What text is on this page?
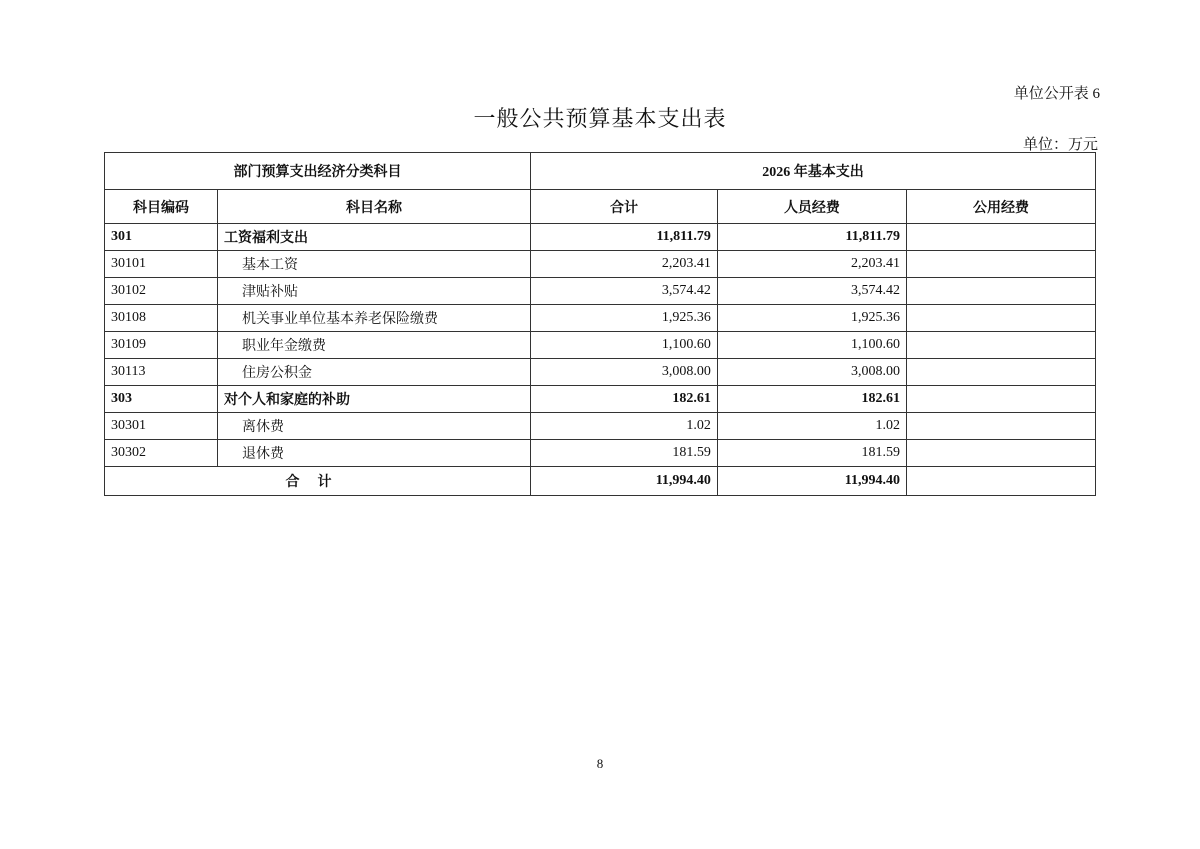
单位公开表 6
一般公共预算基本支出表
单位：万元
部门预算支出经济分类科目		2026 年基本支出		
科目编码	科目名称	合计	人员经费	公用经费
301	工资福利支出	11,811.79	11,811.79	
30101	基本工资	2,203.41	2,203.41	
30102	津贴补贴	3,574.42	3,574.42	
30108	机关事业单位基本养老保险缴费	1,925.36	1,925.36	
30109	职业年金缴费	1,100.60	1,100.60	
30113	住房公积金	3,008.00	3,008.00	
303	对个人和家庭的补助	182.61	182.61	
30301	离休费	1.02	1.02	
30302	退休费	181.59	181.59	
合计		11,994.40	11,994.40	
8
